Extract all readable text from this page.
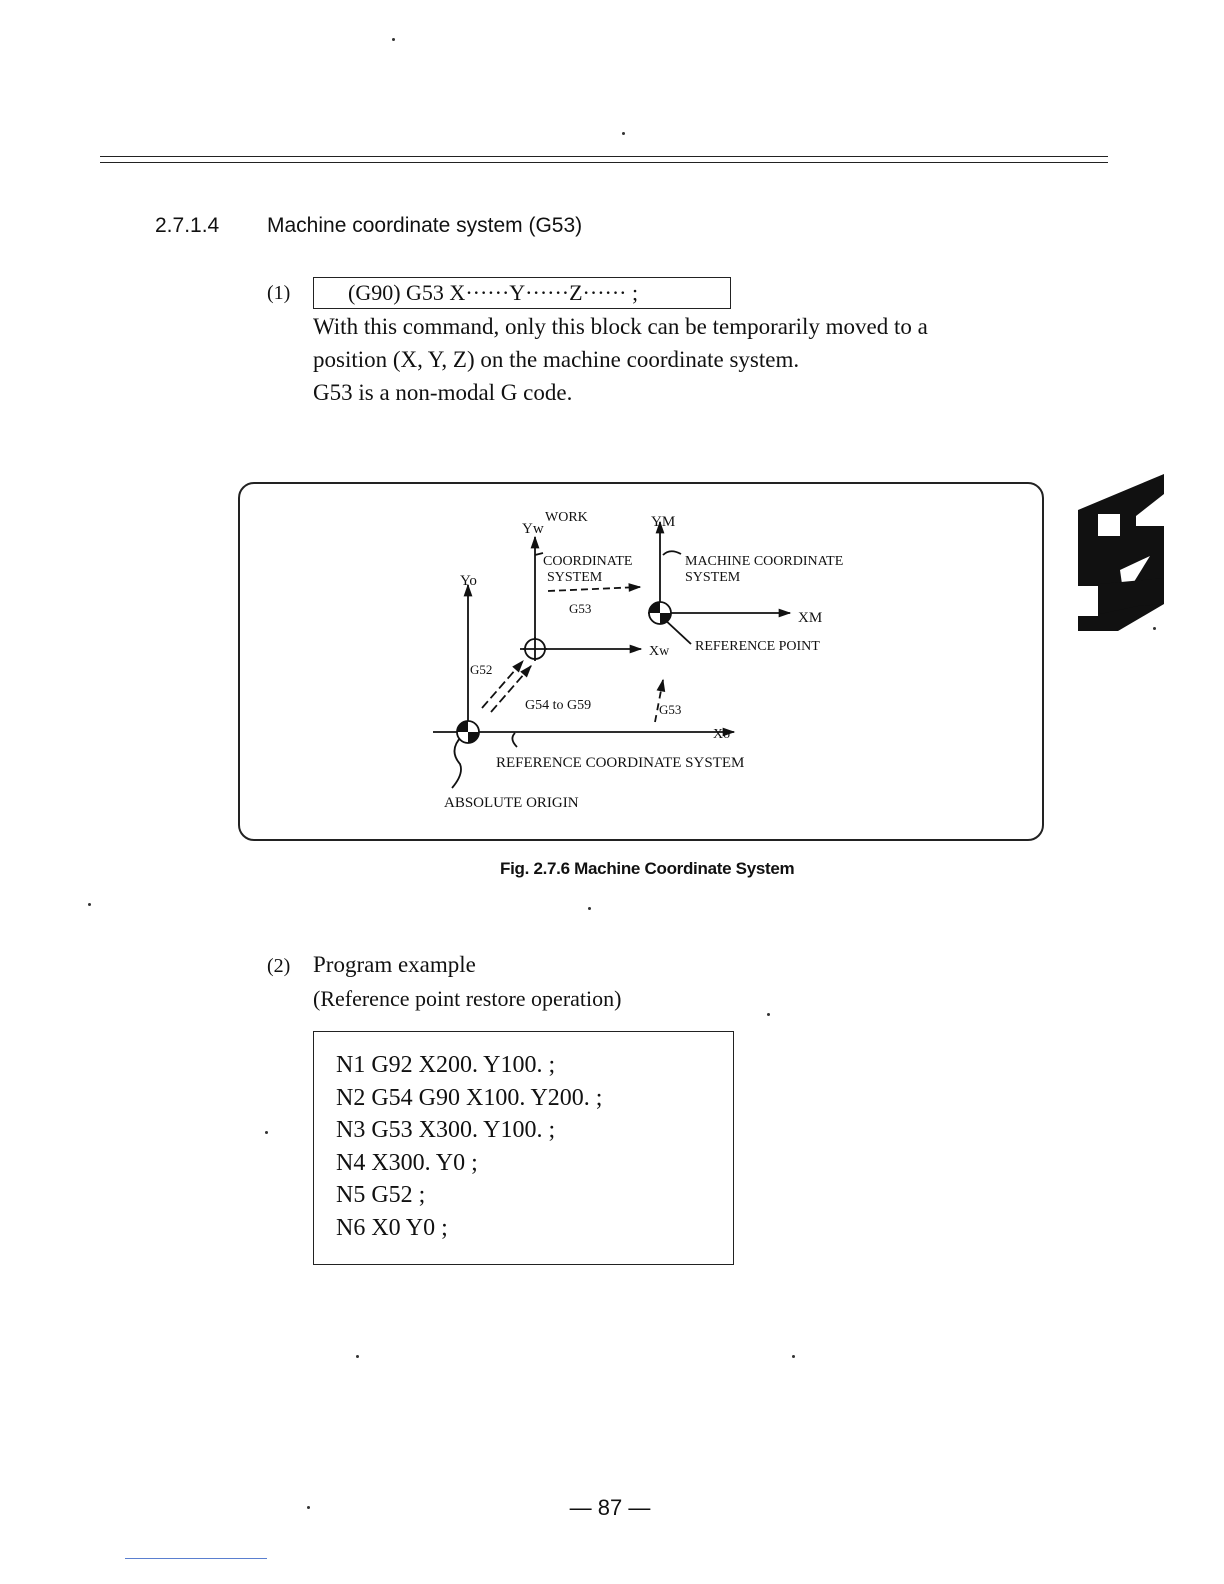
2.7.1.4 Machine coordinate system (G53)
(1)	(G90) G53 X······Y······Z······ ;
With this command, only this block can be temporarily moved to a
position (X, Y, Z) on the machine coordinate system.
G53 is a non-modal G code.
Yw	YM
WORK
COORDINATE
SYSTEM
MACHINE COORDINATE
SYSTEM
Yo
G53
XM
Xw REFERENCE POINT
G52
G54 to G59	G53
Xo
REFERENCE COORDINATE SYSTEM
ABSOLUTE ORIGIN
Fig. 2.7.6 Machine Coordinate System
(2) Program example
(Reference point restore operation)
N1 G92 X200. Y100. ;
N2 G54 G90 X100. Y200. ;
N3 G53 X300. Y100. ;
N4 X300. Y0 ;
N5 G52 ;
N6 X0 Y0 ;
— 87 —
